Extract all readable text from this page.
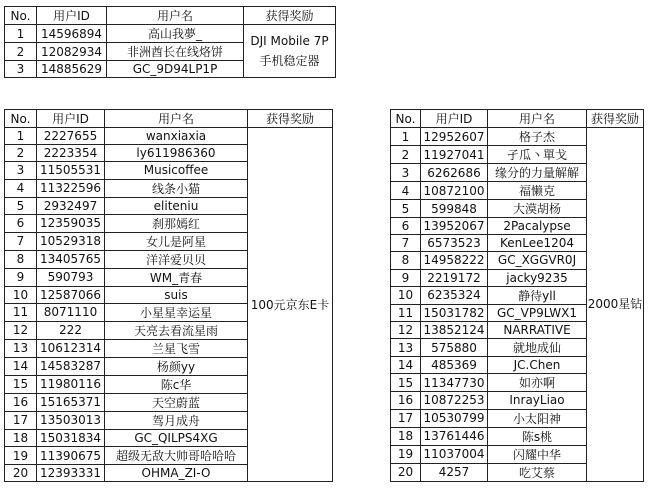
No.	用户ID	用户名	获得奖励
1	14596894	高山我夢_	DJI Mobile 7P 手机稳定器
2	12082934	非洲酋长在线烙饼	
3	14885629	GC_9D94LP1P	
No.	用户ID	用户名	获得奖励
1	2227655	wanxiaxia	100元京东E卡
2	2223354	ly611986360	
3	11505531	Musicoffee	
4	11322596	线条小猫	
5	2932497	eliteniu	
6	12359035	刹那嫣红	
7	10529318	女儿是阿星	
8	13405765	洋洋爱贝贝	
9	590793	WM_青春	
10	12587066	suis	
11	8071110	小星星幸运星	
12	222	天亮去看流星雨	
13	10612314	兰星飞雪	
14	14583287	杨颜yy	
15	11980116	陈c华	
16	15165371	天空蔚蓝	
17	13503013	驾月成舟	
18	15031834	GC_QILPS4XG	
19	11390675	超级无敌大帅哥哈哈哈	
20	12393331	OHMA_ZI-O	
No.	用户ID	用户名	获得奖励
1	12952607	格子杰	2000星钻
2	11927041	孑瓜丶單戈	
3	6262686	缘分的力量解解	
4	10872100	福懒克	
5	599848	大漠胡杨	
6	13952067	2Pacalypse	
7	6573523	KenLee1204	
8	14958222	GC_XGGVR0J	
9	2219172	jacky9235	
10	6235324	静待yll	
11	15031782	GC_VP9LWX1	
12	13852124	NARRATIVE	
13	575880	就地成仙	
14	485369	JC.Chen	
15	11347730	如亦啊	
16	10872253	InrayLiao	
17	10530799	小太阳神	
18	13761446	陈s桃	
19	11037004	闪耀中华	
20	4257	吃艾蔡	
